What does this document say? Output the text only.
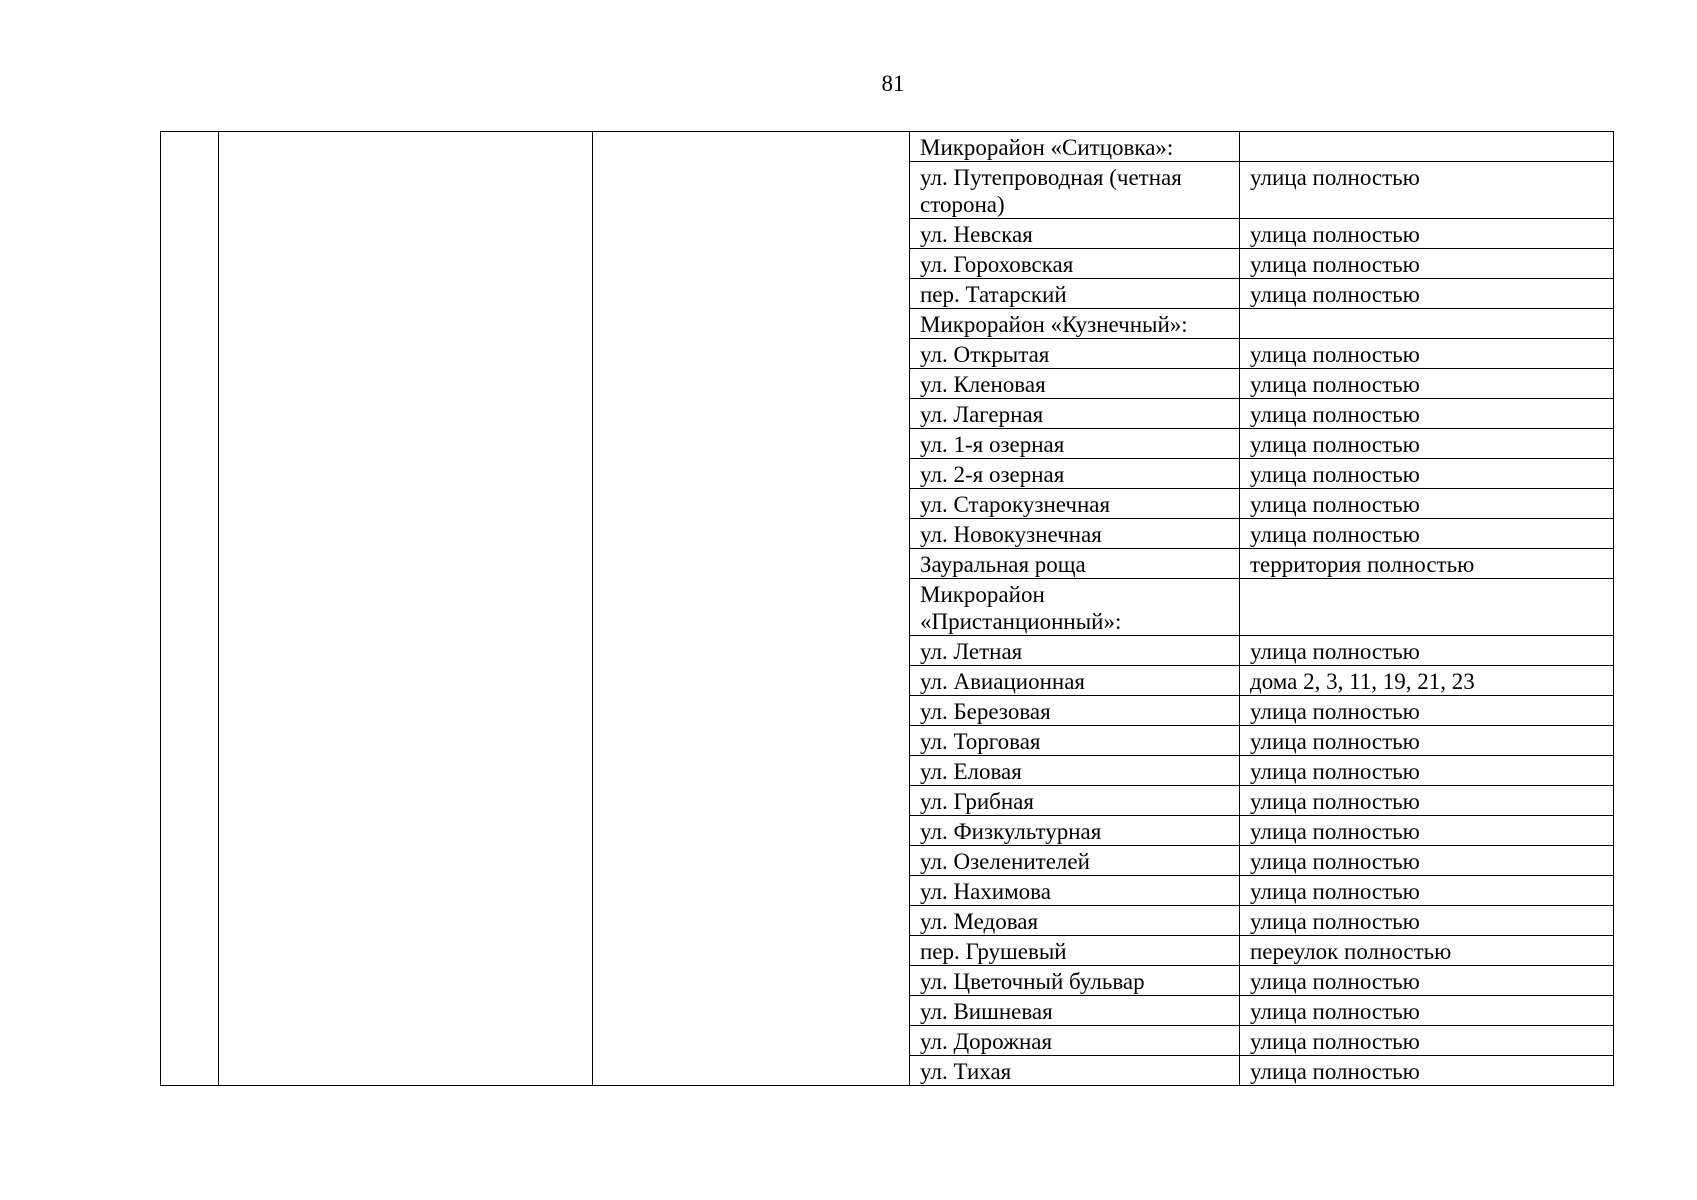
81
			Микрорайон «Ситцовка»:	
			ул. Путепроводная (четная сторона)	улица полностью
			ул. Невская	улица полностью
			ул. Гороховская	улица полностью
			пер. Татарский	улица полностью
			Микрорайон «Кузнечный»:	
			ул. Открытая	улица полностью
			ул. Кленовая	улица полностью
			ул. Лагерная	улица полностью
			ул. 1-я озерная	улица полностью
			ул. 2-я озерная	улица полностью
			ул. Старокузнечная	улица полностью
			ул. Новокузнечная	улица полностью
			Зауральная роща	территория полностью
			Микрорайон «Пристанционный»:	
			ул. Летная	улица полностью
			ул. Авиационная	дома 2, 3, 11, 19, 21, 23
			ул. Березовая	улица полностью
			ул. Торговая	улица полностью
			ул. Еловая	улица полностью
			ул. Грибная	улица полностью
			ул. Физкультурная	улица полностью
			ул. Озеленителей	улица полностью
			ул. Нахимова	улица полностью
			ул. Медовая	улица полностью
			пер. Грушевый	переулок полностью
			ул. Цветочный бульвар	улица полностью
			ул. Вишневая	улица полностью
			ул. Дорожная	улица полностью
			ул. Тихая	улица полностью
